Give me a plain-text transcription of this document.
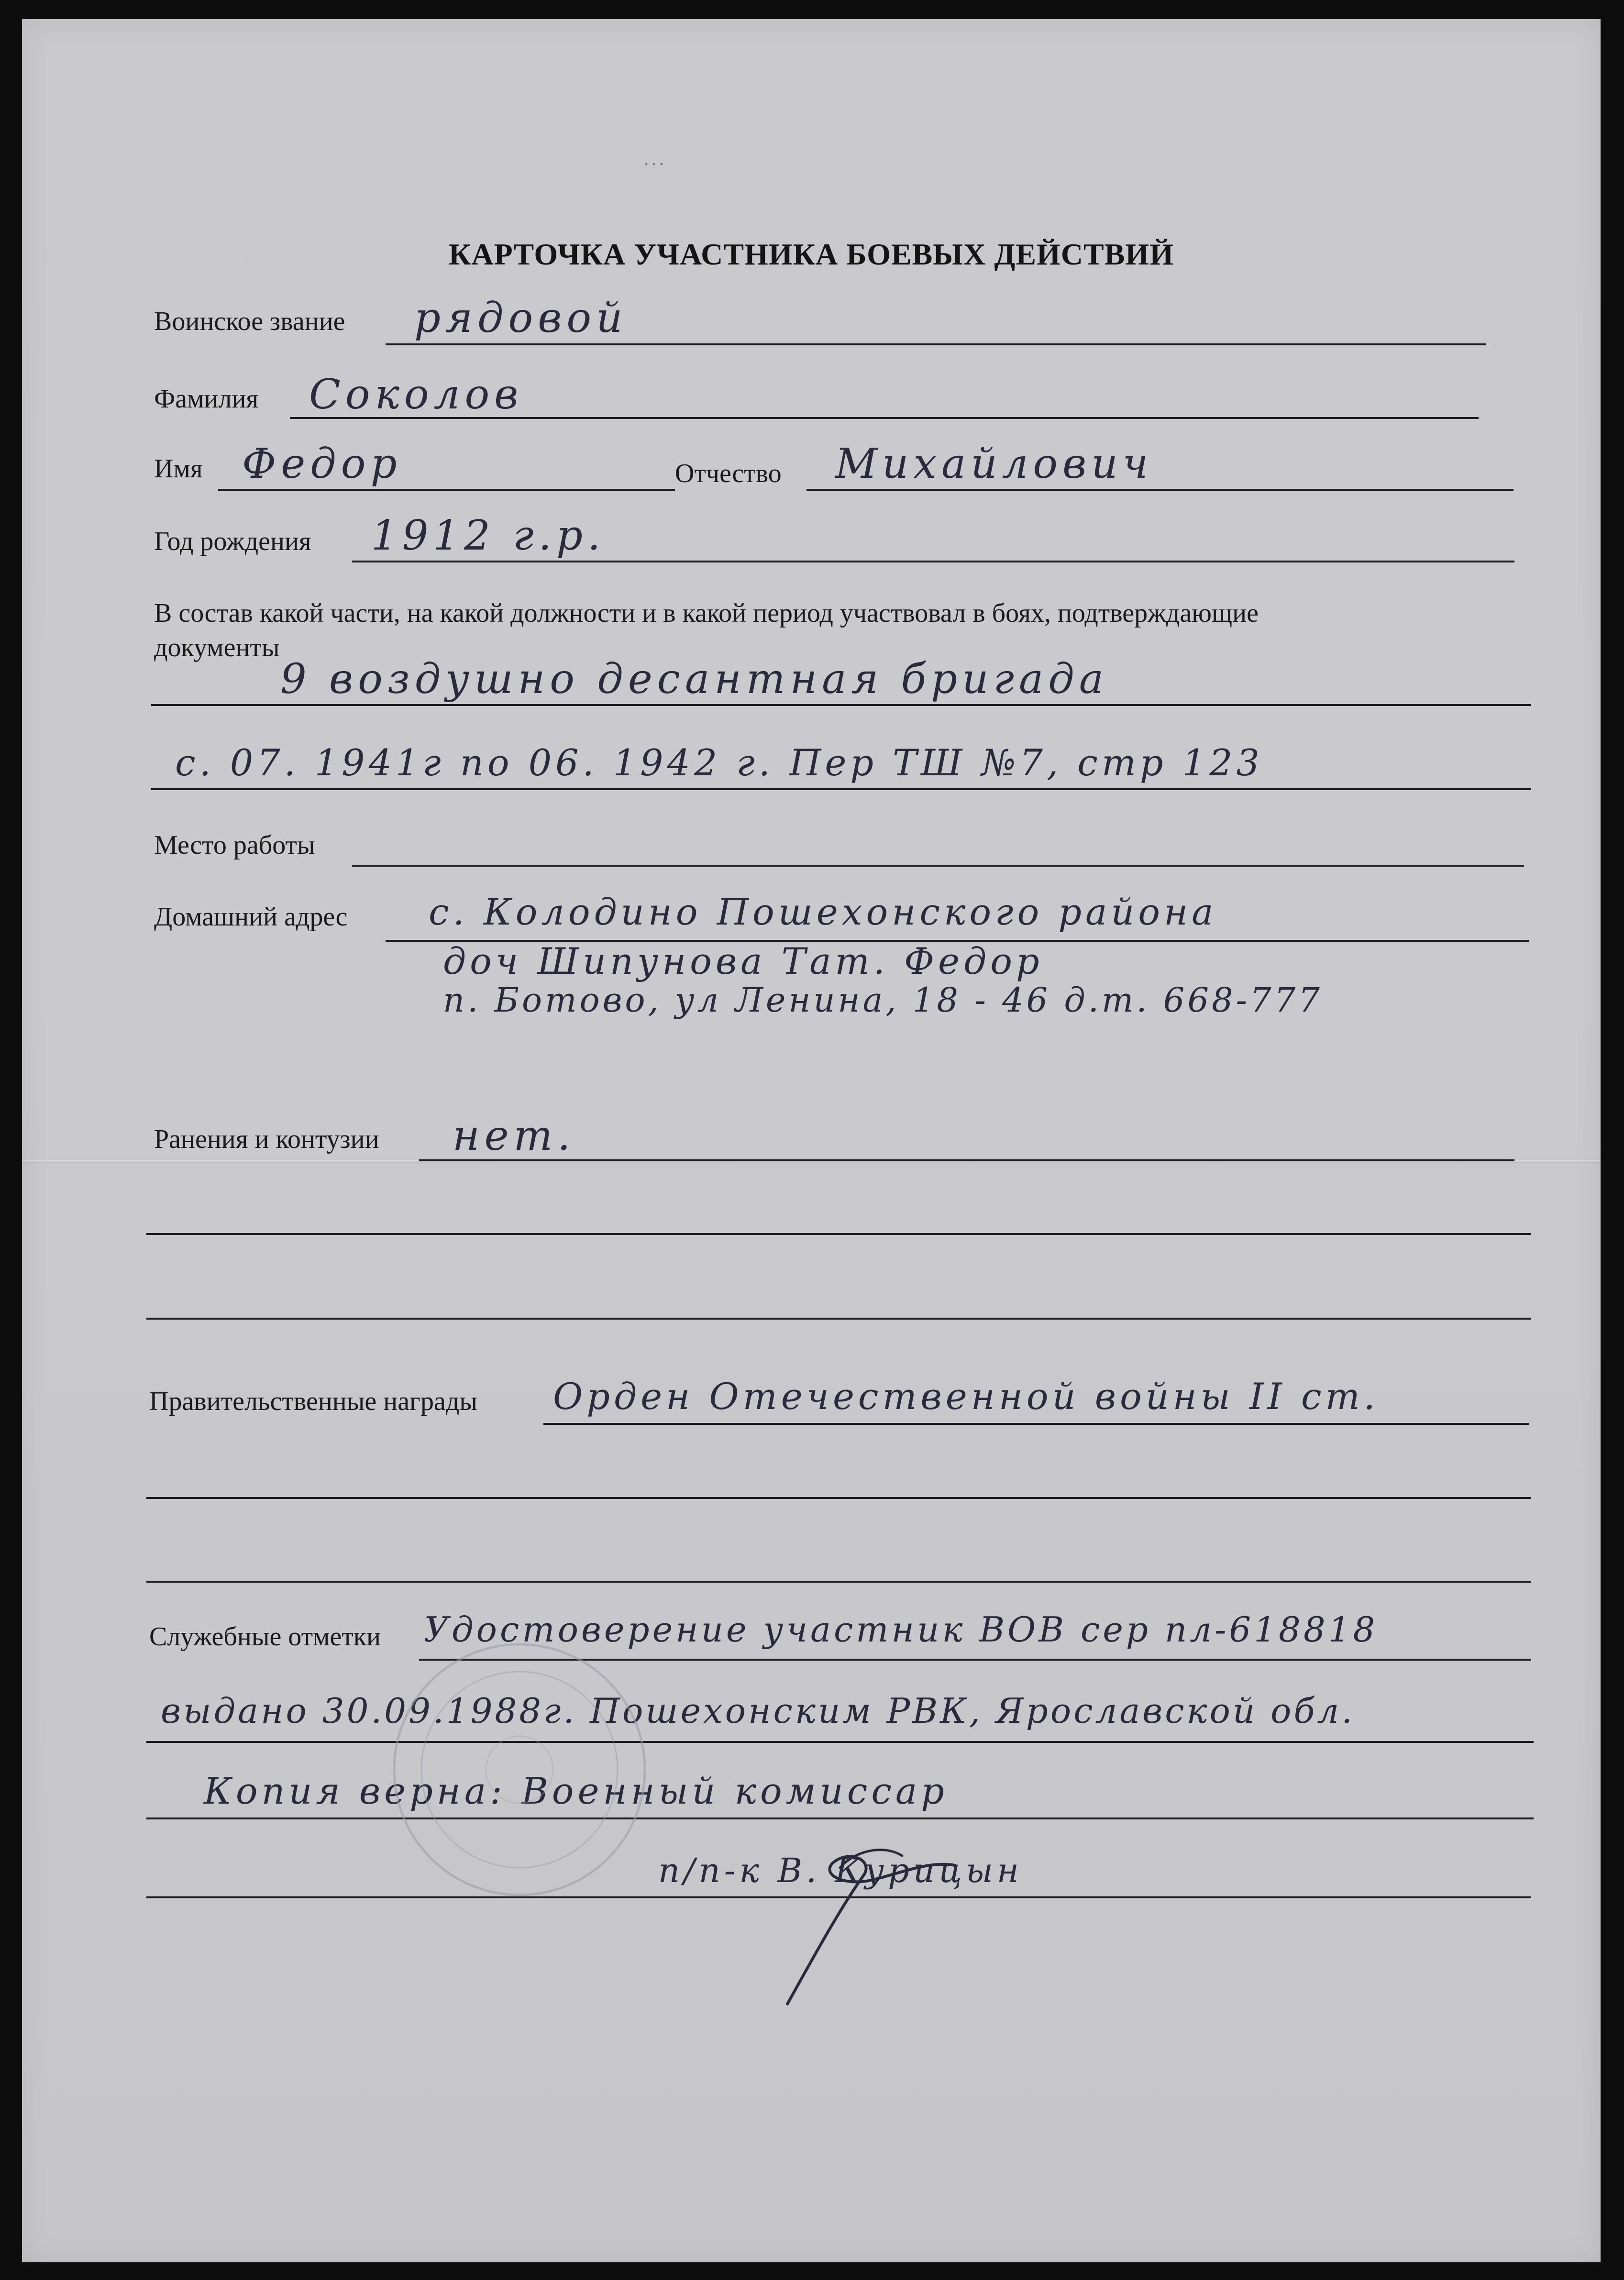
...
КАРТОЧКА УЧАСТНИКА БОЕВЫХ ДЕЙСТВИЙ
Воинское звание рядовой
Фамилия Соколов
Имя Федор	Отчество Михайлович
Год рождения 1912 г.р.
В состав какой части, на какой должности и в какой период участвовал в боях, подтверждающие
документы
9 воздушно десантная бригада
с. 07. 1941г по 06. 1942 г. Пер ТШ №7, стр 123
Место работы
Домашний адрес с. Колодино Пошехонского района
доч Шипунова Тат. Федор
п. Ботово, ул Ленина, 18 - 46 д.т. 668-777
Ранения и контузии нет.
Правительственные награды Орден Отечественной войны II ст.
Служебные отметки Удостоверение участник ВОВ сер пл-618818
выдано 30.09.1988г. Пошехонским РВК, Ярославской обл.
Копия верна: Военный комиссар
п/п-к В. Курицын
